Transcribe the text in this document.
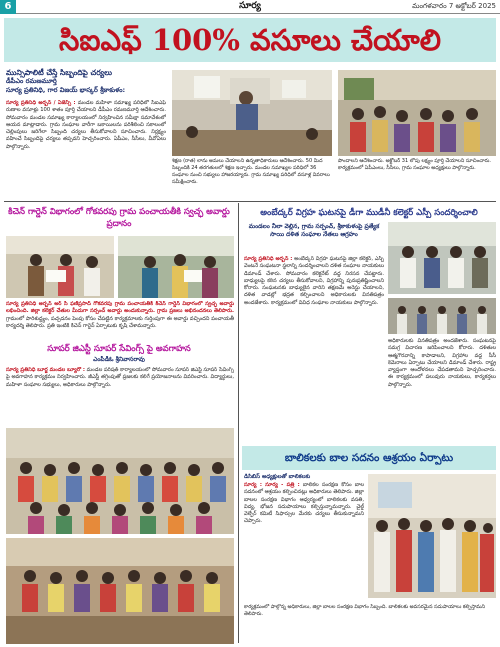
6	సూర్య	మంగళవారం 7 అక్టోబర్ 2025
సిఐఎఫ్ 100% వసూలు చేయాలి
మున్సిపాలిటీ చేస్తే సిబ్బందిపై చర్యలు
డీపీఎం రమణమూర్తి
సూర్య ప్రతినిధి, గార విజయ్ భాస్కర్ శ్రీకాకుళం:
సూర్య ప్రతినిధి అర్బన్ / ఏజెన్సీ : మండల మహిళా సమాఖ్య పరిధిలో సిఐఎఫ్ రుణాల వసూళ్లు 100 శాతం పూర్తి చేయాలని డీపీఎం రమణమూర్తి ఆదేశించారు. సోమవారం మండల సమాఖ్య కార్యాలయంలో నిర్వహించిన సమీక్షా సమావేశంలో ఆయన మాట్లాడారు. గ్రామ సంఘాల వారీగా బకాయిలను పరిశీలించి సకాలంలో చెల్లింపులు జరిగేలా సిబ్బంది చర్యలు తీసుకోవాలని సూచించారు. నిర్లక్ష్యం వహించే సిబ్బందిపై చర్యలు తప్పవని హెచ్చరించారు. ఏపీఎం, సీసీలు, వీవోఏలు పాల్గొన్నారు.
శిక్షణ (రాత) లాను అమలు చేయాలని ఉన్నతాధికారులు ఆదేశించారు. 50 మీద సిబ్బందికి 24 తరగతులలో శిక్షణ ఇచ్చారు. మండల సమాఖ్యల పరిధిలో 36 సంఘాల నుంచి సభ్యులు హాజరయ్యారు. గ్రామ సమాఖ్య పరిధిలో వసూళ్ల వివరాలు సమీక్షించారు.
పొందాలని ఆదేశించారు. అక్టోబర్ 31 లోపు లక్ష్యం పూర్తి చేయాలని సూచించారు. కార్యక్రమంలో ఏపీఎంలు, సీసీలు, గ్రామ సంఘాల అధ్యక్షులు పాల్గొన్నారు.
కిచెన్ గార్డెన్ విభాగంలో గోకవరపు గ్రామ పంచాయతీకి స్వచ్ఛ అవార్డు ప్రదానం
సూర్య ప్రతినిధి అర్బన్ అర్ సి ఫణిప్రసాద్ గోకవరపు గ్రామ పంచాయతీకి కిచెన్ గార్డెన్ విభాగంలో స్వచ్ఛ అవార్డు లభించింది. జిల్లా కలెక్టర్ చేతుల మీదుగా సర్పంచ్ అవార్డు అందుకున్నారు. గ్రామ ప్రజలు అభినందనలు తెలిపారు. గ్రామంలో పారిశుద్ధ్యం, పచ్చదనం పెంపు కోసం చేపట్టిన కార్యక్రమాలకు గుర్తింపుగా ఈ అవార్డు వచ్చిందని పంచాయతీ కార్యదర్శి తెలిపారు. ప్రతి ఇంటికి కిచెన్ గార్డెన్ ఏర్పాటుకు కృషి చేశామన్నారు.
సూపర్ జిఎస్టీ సూపర్ సేవింగ్స్ పై అవగాహన
ఎంపీడీఓ శ్రీనివాసరావు
సూర్య ప్రతినిధి బూర్జ మండల బ్యూరో : మండల పరిషత్ కార్యాలయంలో సోమవారం సూపర్ జిఎస్టీ సూపర్ సేవింగ్స్ పై అవగాహన కార్యక్రమం నిర్వహించారు. జీఎస్టీ తగ్గింపుతో ప్రజలకు కలిగే ప్రయోజనాలను వివరించారు. విద్యార్థులు, మహిళా సంఘాల సభ్యులు, అధికారులు పాల్గొన్నారు.
అంబేద్కర్ విగ్రహ ఘటనపై డీగా ముడీనీ కలెక్టర్ ఎస్పీ సందర్శించాలి
మండలం నీలా వెల్లిన, గ్రామ సర్పంచ్, శ్రీకాకుళంపై ప్రత్యేక సాయి దళిత సంఘాల నేతలు ఆగ్రహం
సూర్య ప్రతినిధి అర్బన్ : అంబేద్కర్ విగ్రహ ఘటనపై జిల్లా కలెక్టర్, ఎస్పీ వెంటనే సంఘటనా స్థలాన్ని సందర్శించాలని దళిత సంఘాల నాయకులు డిమాండ్ చేశారు. సోమవారం కలెక్టరేట్ వద్ద నిరసన చేపట్టారు. బాధ్యులపై కఠిన చర్యలు తీసుకోవాలని, విగ్రహాన్ని పునఃప్రతిష్టించాలని కోరారు. సంఘటనకు బాధ్యులైన వారిని తక్షణమే అరెస్టు చేయాలని, దళిత వాడల్లో భద్రత కల్పించాలని అధికారులకు వినతిపత్రం అందజేశారు. కార్యక్రమంలో వివిధ సంఘాల నాయకులు పాల్గొన్నారు.
అధికారులకు వినతిపత్రం అందజేశారు. సంఘటనపై సమగ్ర విచారణ జరిపించాలని కోరారు. దళితుల ఆత్మగౌరవాన్ని కాపాడాలని, విగ్రహాల వద్ద సీసీ కెమెరాలు ఏర్పాటు చేయాలని డిమాండ్ చేశారు. రాష్ట్ర వ్యాప్తంగా ఆందోళనలు చేపడతామని హెచ్చరించారు. ఈ కార్యక్రమంలో పలువురు నాయకులు, కార్యకర్తలు పాల్గొన్నారు.
బాలికలకు బాల సదనం ఆశ్రయం ఏర్పాటు
డిసిబిస్ అధ్యక్షులతో బాలికలకు
సూర్య : సూర్య - పత్రి : బాలికల సంరక్షణ కోసం బాల సదనంలో ఆశ్రయం కల్పించినట్లు అధికారులు తెలిపారు. జిల్లా బాలల సంరక్షణ విభాగం ఆధ్వర్యంలో బాలికలకు వసతి, విద్య, భోజన సదుపాయాలు కల్పిస్తున్నామన్నారు. చైల్డ్ వెల్ఫేర్ కమిటీ సిఫార్సుల మేరకు చర్యలు తీసుకున్నామని చెప్పారు.
కార్యక్రమంలో పాల్గొన్న అధికారులు, జిల్లా బాలల సంరక్షణ విభాగం సిబ్బంది. బాలికలకు అవసరమైన సదుపాయాలు కల్పిస్తామని తెలిపారు.
